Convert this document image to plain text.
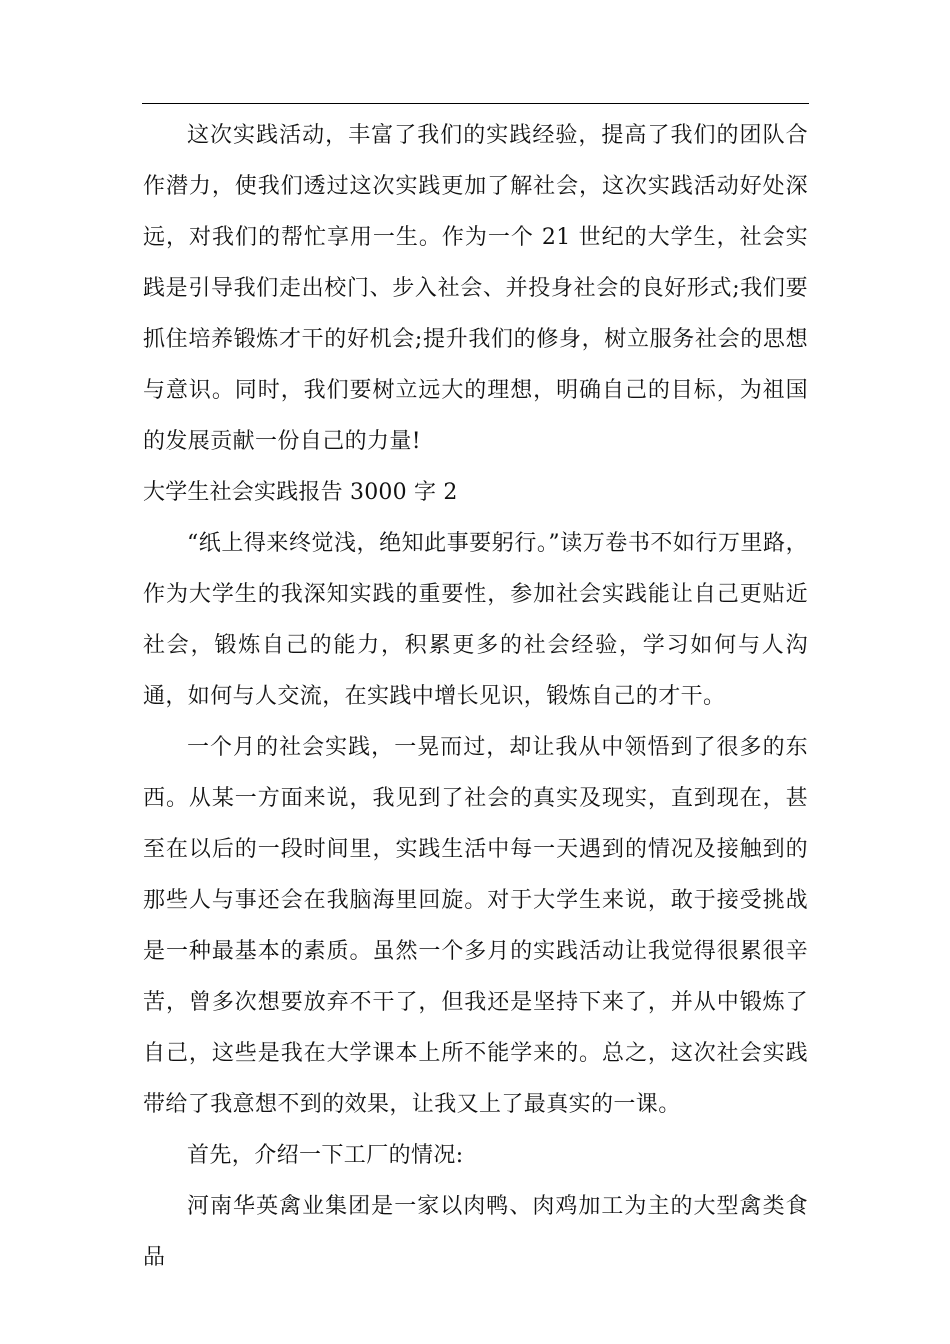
这次实践活动，丰富了我们的实践经验，提高了我们的团队合作潜力，使我们透过这次实践更加了解社会，这次实践活动好处深远，对我们的帮忙享用一生。作为一个 21 世纪的大学生，社会实践是引导我们走出校门、步入社会、并投身社会的良好形式;我们要抓住培养锻炼才干的好机会;提升我们的修身，树立服务社会的思想与意识。同时，我们要树立远大的理想，明确自己的目标，为祖国的发展贡献一份自己的力量!

大学生社会实践报告 3000 字 2

“纸上得来终觉浅，绝知此事要躬行。”读万卷书不如行万里路，作为大学生的我深知实践的重要性，参加社会实践能让自己更贴近社会，锻炼自己的能力，积累更多的社会经验，学习如何与人沟通，如何与人交流，在实践中增长见识，锻炼自己的才干。

一个月的社会实践，一晃而过，却让我从中领悟到了很多的东西。从某一方面来说，我见到了社会的真实及现实，直到现在，甚至在以后的一段时间里，实践生活中每一天遇到的情况及接触到的那些人与事还会在我脑海里回旋。对于大学生来说，敢于接受挑战是一种最基本的素质。虽然一个多月的实践活动让我觉得很累很辛苦，曾多次想要放弃不干了，但我还是坚持下来了，并从中锻炼了自己，这些是我在大学课本上所不能学来的。总之，这次社会实践带给了我意想不到的效果，让我又上了最真实的一课。

首先，介绍一下工厂的情况:

河南华英禽业集团是一家以肉鸭、肉鸡加工为主的大型禽类食品
